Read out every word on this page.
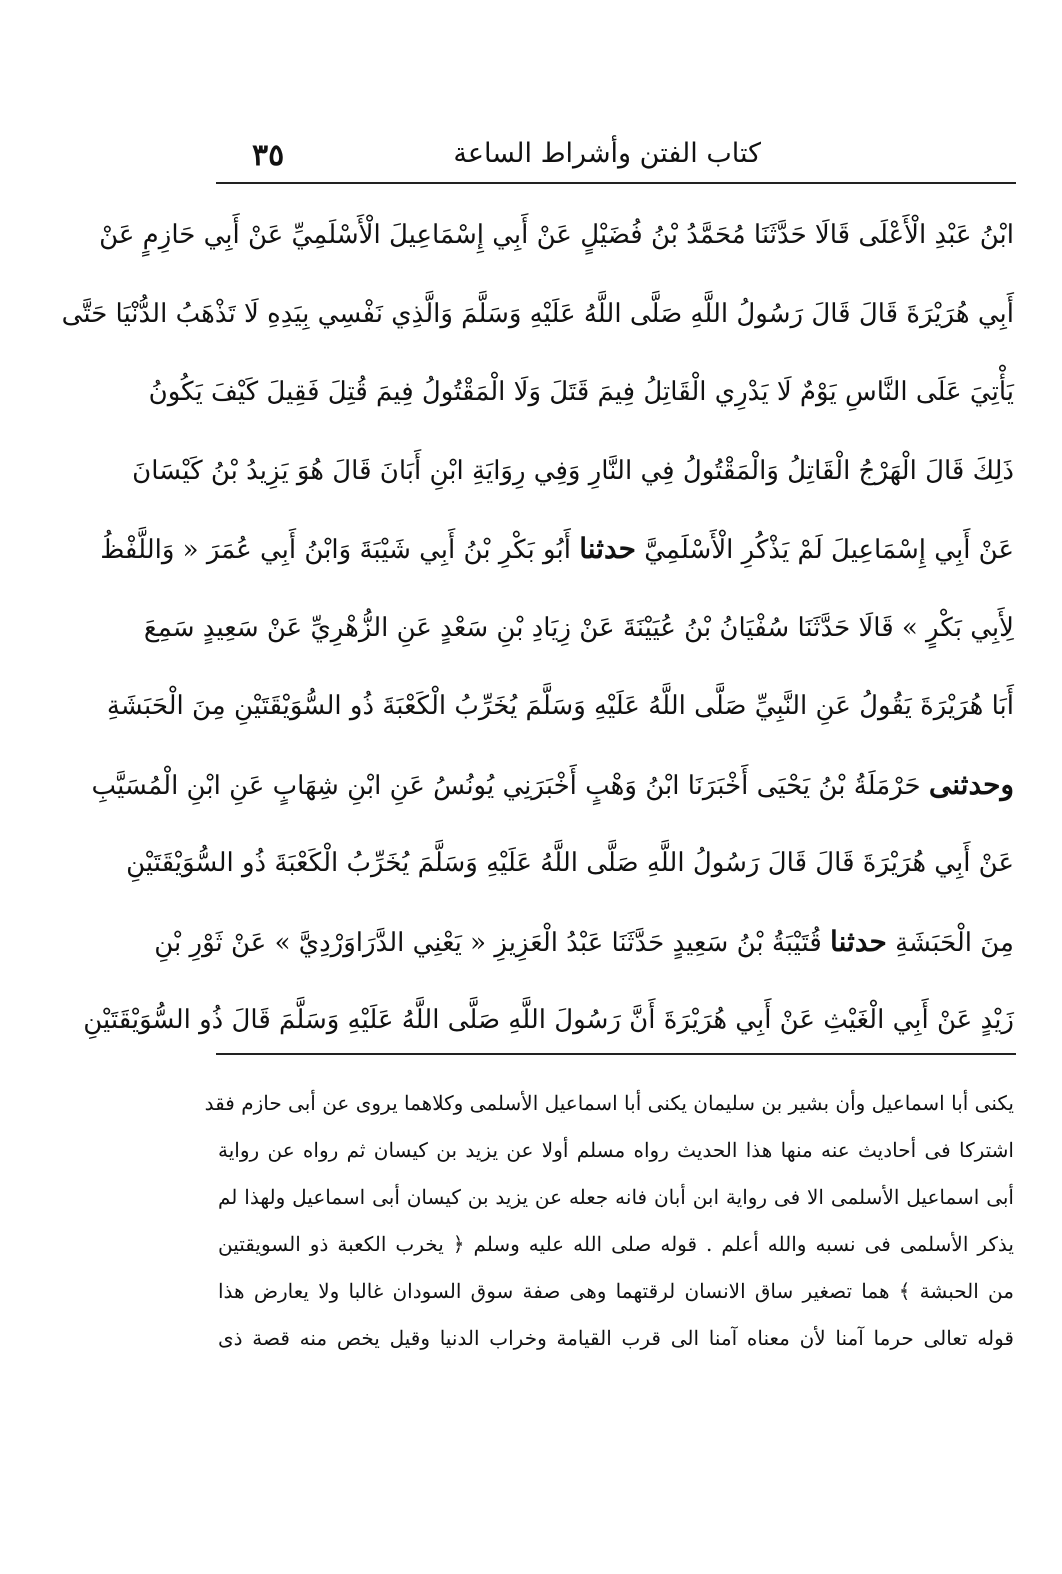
كتاب الفتن وأشراط الساعة
٣٥
ابْنُ عَبْدِ الْأَعْلَى قَالَا حَدَّثَنَا مُحَمَّدُ بْنُ فُضَيْلٍ عَنْ أَبِي إِسْمَاعِيلَ الْأَسْلَمِيِّ عَنْ أَبِي حَازِمٍ عَنْ
أَبِي هُرَيْرَةَ قَالَ قَالَ رَسُولُ اللَّهِ صَلَّى اللَّهُ عَلَيْهِ وَسَلَّمَ وَالَّذِي نَفْسِي بِيَدِهِ لَا تَذْهَبُ الدُّنْيَا حَتَّى
يَأْتِيَ عَلَى النَّاسِ يَوْمٌ لَا يَدْرِي الْقَاتِلُ فِيمَ قَتَلَ وَلَا الْمَقْتُولُ فِيمَ قُتِلَ فَقِيلَ كَيْفَ يَكُونُ
ذَلِكَ قَالَ الْهَرْجُ الْقَاتِلُ وَالْمَقْتُولُ فِي النَّارِ وَفِي رِوَايَةِ ابْنِ أَبَانَ قَالَ هُوَ يَزِيدُ بْنُ كَيْسَانَ
عَنْ أَبِي إِسْمَاعِيلَ لَمْ يَذْكُرِ الْأَسْلَمِيَّ حدثنا أَبُو بَكْرِ بْنُ أَبِي شَيْبَةَ وَابْنُ أَبِي عُمَرَ « وَاللَّفْظُ
لِأَبِي بَكْرٍ » قَالَا حَدَّثَنَا سُفْيَانُ بْنُ عُيَيْنَةَ عَنْ زِيَادِ بْنِ سَعْدٍ عَنِ الزُّهْرِيِّ عَنْ سَعِيدٍ سَمِعَ
أَبَا هُرَيْرَةَ يَقُولُ عَنِ النَّبِيِّ صَلَّى اللَّهُ عَلَيْهِ وَسَلَّمَ يُخَرِّبُ الْكَعْبَةَ ذُو السُّوَيْقَتَيْنِ مِنَ الْحَبَشَةِ
وحدثنى حَرْمَلَةُ بْنُ يَحْيَى أَخْبَرَنَا ابْنُ وَهْبٍ أَخْبَرَنِي يُونُسُ عَنِ ابْنِ شِهَابٍ عَنِ ابْنِ الْمُسَيَّبِ
عَنْ أَبِي هُرَيْرَةَ قَالَ قَالَ رَسُولُ اللَّهِ صَلَّى اللَّهُ عَلَيْهِ وَسَلَّمَ يُخَرِّبُ الْكَعْبَةَ ذُو السُّوَيْقَتَيْنِ
مِنَ الْحَبَشَةِ حدثنا قُتَيْبَةُ بْنُ سَعِيدٍ حَدَّثَنَا عَبْدُ الْعَزِيزِ « يَعْنِي الدَّرَاوَرْدِيَّ » عَنْ ثَوْرِ بْنِ
زَيْدٍ عَنْ أَبِي الْغَيْثِ عَنْ أَبِي هُرَيْرَةَ أَنَّ رَسُولَ اللَّهِ صَلَّى اللَّهُ عَلَيْهِ وَسَلَّمَ قَالَ ذُو السُّوَيْقَتَيْنِ
يكنى أبا اسماعيل وأن بشير بن سليمان يكنى أبا اسماعيل الأسلمى وكلاهما يروى عن أبى حازم فقد
اشتركا فى أحاديث عنه منها هذا الحديث رواه مسلم أولا عن يزيد بن كيسان ثم رواه عن رواية
أبى اسماعيل الأسلمى الا فى رواية ابن أبان فانه جعله عن يزيد بن كيسان أبى اسماعيل ولهذا لم
يذكر الأسلمى فى نسبه والله أعلم . قوله صلى الله عليه وسلم ﴿ يخرب الكعبة ذو السويقتين
من الحبشة ﴾ هما تصغير ساق الانسان لرقتهما وهى صفة سوق السودان غالبا ولا يعارض هذا
قوله تعالى حرما آمنا لأن معناه آمنا الى قرب القيامة وخراب الدنيا وقيل يخص منه قصة ذى
